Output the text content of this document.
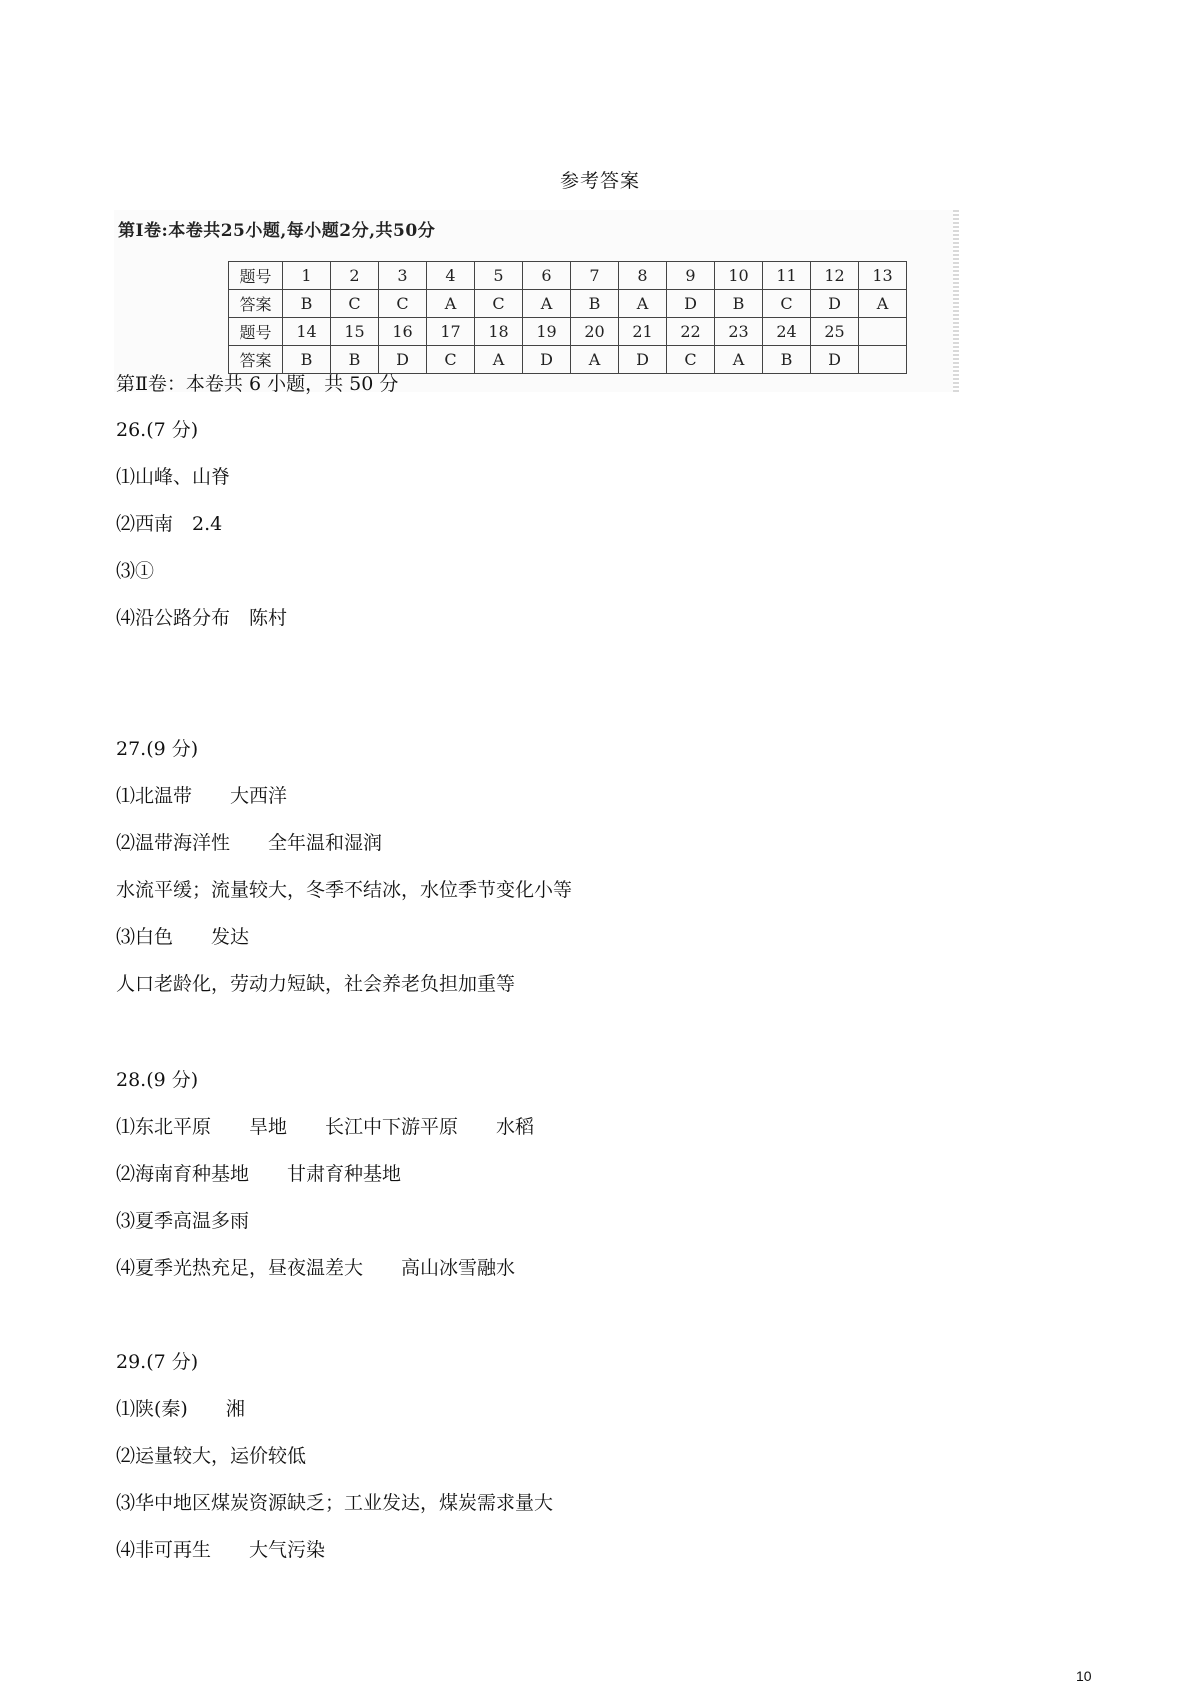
参考答案
第Ⅰ卷:本卷共25小题,每小题2分,共50分
题号	1	2	3	4	5	6	7	8	9	10	11	12	13
答案	B	C	C	A	C	A	B	A	D	B	C	D	A
题号	14	15	16	17	18	19	20	21	22	23	24	25	
答案	B	B	D	C	A	D	A	D	C	A	B	D	
第Ⅱ卷：本卷共 6 小题，共 50 分
26.(7 分)
⑴山峰、山脊
⑵西南　2.4
⑶①
⑷沿公路分布　陈村
27.(9 分)
⑴北温带　　大西洋
⑵温带海洋性　　全年温和湿润
水流平缓；流量较大，冬季不结冰，水位季节变化小等
⑶白色　　发达
人口老龄化，劳动力短缺，社会养老负担加重等
28.(9 分)
⑴东北平原　　旱地　　长江中下游平原　　水稻
⑵海南育种基地　　甘肃育种基地
⑶夏季高温多雨
⑷夏季光热充足，昼夜温差大　　高山冰雪融水
29.(7 分)
⑴陕(秦)　　湘
⑵运量较大，运价较低
⑶华中地区煤炭资源缺乏；工业发达，煤炭需求量大
⑷非可再生　　大气污染
10
